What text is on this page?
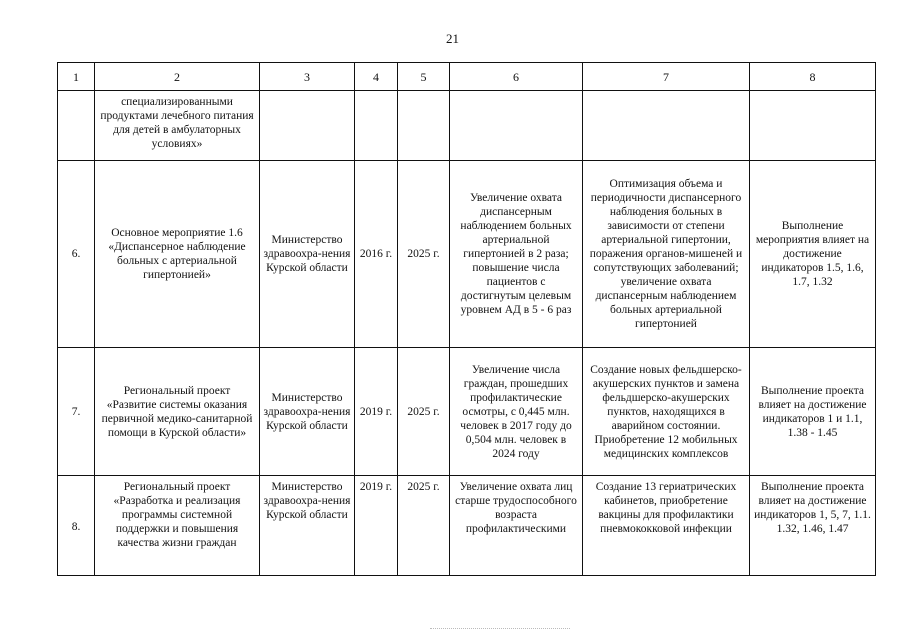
21
1	2	3	4	5	6	7	8
	специализированными продуктами лечебного питания для детей в амбулаторных условиях»						
6.	Основное мероприятие 1.6 «Диспансерное наблюдение больных с артериальной гипертонией»	Министерство здравоохра-нения Курской области	2016 г.	2025 г.	Увеличение охвата диспансерным наблюдением больных артериальной гипертонией в 2 раза; повышение числа пациентов с достигнутым целевым уровнем АД в 5 - 6 раз	Оптимизация объема и периодичности диспансерного наблюдения больных в зависимости от степени артериальной гипертонии, поражения органов-мишеней и сопутствующих заболеваний; увеличение охвата диспансерным наблюдением больных артериальной гипертонией	Выполнение мероприятия влияет на достижение индикаторов 1.5, 1.6, 1.7, 1.32
7.	Региональный проект «Развитие системы оказания первичной медико-санитарной помощи в Курской области»	Министерство здравоохра-нения Курской области	2019 г.	2025 г.	Увеличение числа граждан, прошедших профилактические осмотры, с 0,445 млн. человек в 2017 году до 0,504 млн. человек в 2024 году	Создание новых фельдшерско-акушерских пунктов и замена фельдшерско-акушерских пунктов, находящихся в аварийном состоянии. Приобретение 12 мобильных медицинских комплексов	Выполнение проекта влияет на достижение индикаторов 1 и 1.1, 1.38 - 1.45
8.	Региональный проект «Разработка и реализация программы системной поддержки и повышения качества жизни граждан	Министерство здравоохра-нения Курской области	2019 г.	2025 г.	Увеличение охвата лиц старше трудоспособного возраста профилактическими	Создание 13 гериатрических кабинетов, приобретение вакцины для профилактики пневмококковой инфекции	Выполнение проекта влияет на достижение индикаторов 1, 5, 7, 1.1. 1.32, 1.46, 1.47
